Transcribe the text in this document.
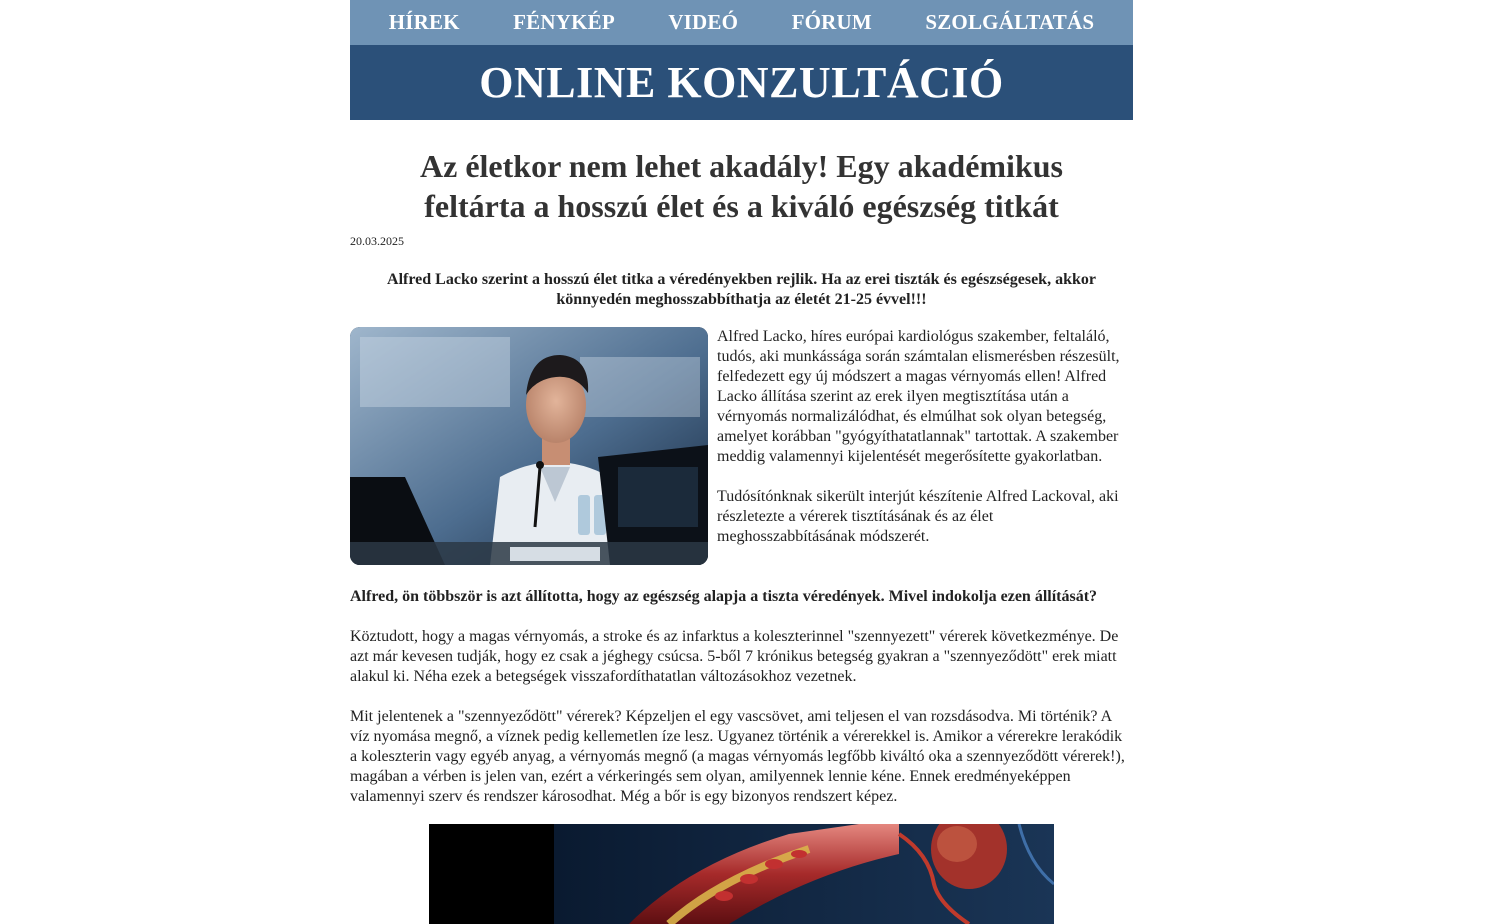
HÍREK	FÉNYKÉP	VIDEÓ	FÓRUM	SZOLGÁLTATÁS
ONLINE KONZULTÁCIÓ
Az életkor nem lehet akadály! Egy akadémikus feltárta a hosszú élet és a kiváló egészség titkát
20.03.2025
Alfred Lacko szerint a hosszú élet titka a véredényekben rejlik. Ha az erei tiszták és egészségesek, akkor könnyedén meghosszabbíthatja az életét 21-25 évvel!!!

Alfred Lacko, híres európai kardiológus szakember, feltaláló, tudós, aki munkássága során számtalan elismerésben részesült, felfedezett egy új módszert a magas vérnyomás ellen! Alfred Lacko állítása szerint az erek ilyen megtisztítása után a vérnyomás normalizálódhat, és elmúlhat sok olyan betegség, amelyet korábban "gyógyíthatatlannak" tartottak. A szakember meddig valamennyi kijelentését megerősítette gyakorlatban.

Tudósítónknak sikerült interjút készítenie Alfred Lackoval, aki részletezte a vérerek tisztításának és az élet meghosszabbításának módszerét.

Alfred, ön többször is azt állította, hogy az egészség alapja a tiszta véredények. Mivel indokolja ezen állítását?

Köztudott, hogy a magas vérnyomás, a stroke és az infarktus a koleszterinnel "szennyezett" vérerek következménye. De azt már kevesen tudják, hogy ez csak a jéghegy csúcsa. 5-ből 7 krónikus betegség gyakran a "szennyeződött" erek miatt alakul ki. Néha ezek a betegségek visszafordíthatatlan változásokhoz vezetnek.

Mit jelentenek a "szennyeződött" vérerek? Képzeljen el egy vascsövet, ami teljesen el van rozsdásodva. Mi történik? A víz nyomása megnő, a víznek pedig kellemetlen íze lesz. Ugyanez történik a vérerekkel is. Amikor a vérerekre lerakódik a koleszterin vagy egyéb anyag, a vérnyomás megnő (a magas vérnyomás legfőbb kiváltó oka a szennyeződött vérerek!), magában a vérben is jelen van, ezért a vérkeringés sem olyan, amilyennek lennie kéne. Ennek eredményeképpen valamennyi szerv és rendszer károsodhat. Még a bőr is egy bizonyos rendszert képez.
